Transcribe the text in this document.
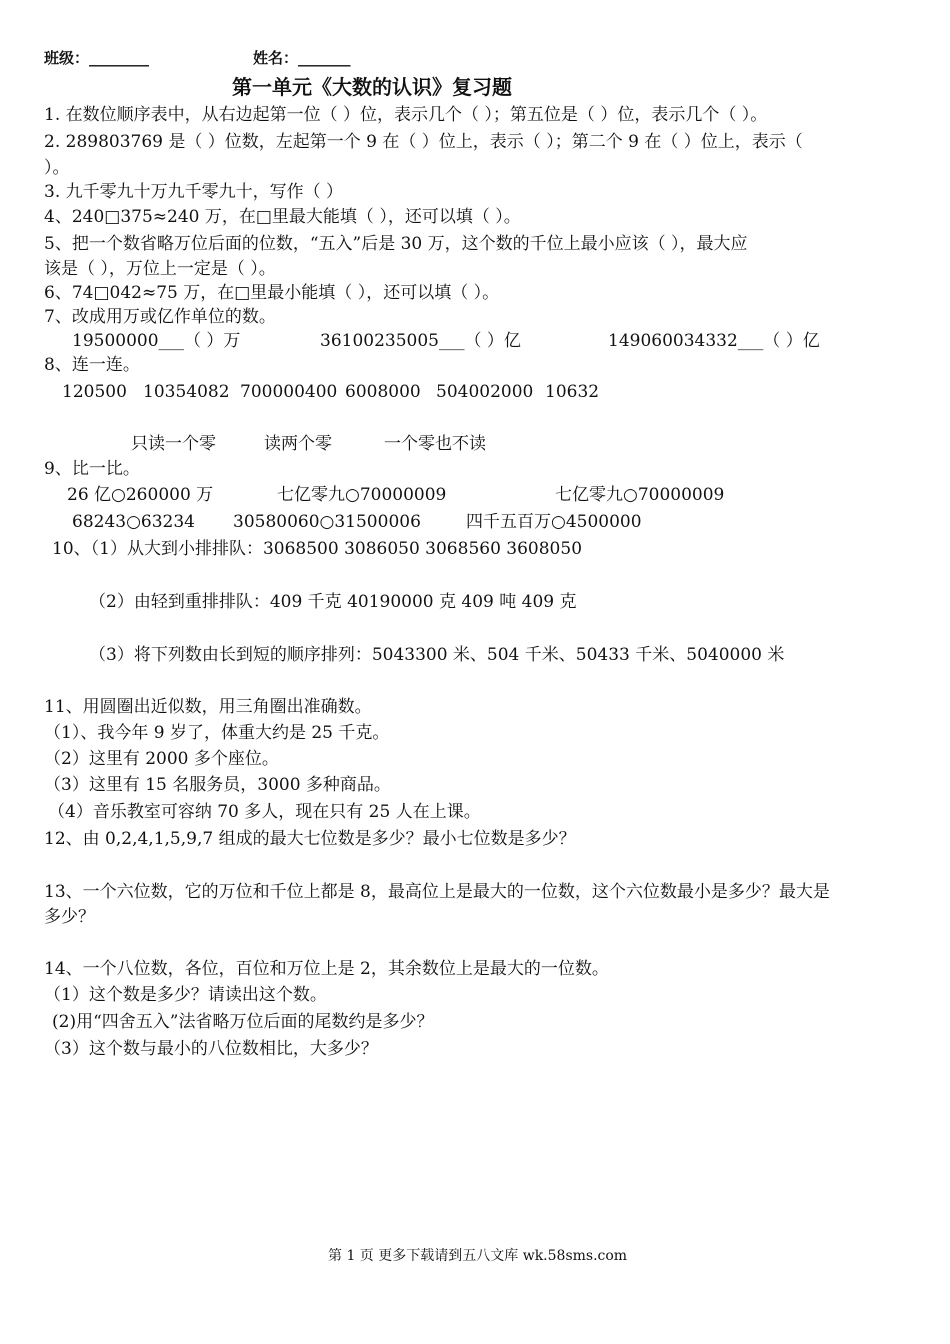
班级：________	姓名：_______
第一单元《大数的认识》复习题
1. 在数位顺序表中，从右边起第一位（ ）位，表示几个（ ）；第五位是（ ）位，表示几个（ ）。
2. 289803769 是（ ）位数，左起第一个 9 在（ ）位上，表示（ ）；第二个 9 在（ ）位上，表示（
）。
3. 九千零九十万九千零九十，写作（ ）
4、240□375≈240 万，在□里最大能填（ ），还可以填（ ）。
5、把一个数省略万位后面的位数，“五入”后是 30 万，这个数的千位上最小应该（ ），最大应
该是（ ），万位上一定是（ ）。
6、74□042≈75 万，在□里最小能填（ ），还可以填（ ）。
7、改成用万或亿作单位的数。
19500000___（ ）万	36100235005___（ ）亿	149060034332___（ ）亿
8、连一连。
120500 10354082 700000400 6008000 504002000 10632
只读一个零	读两个零	一个零也不读
9、比一比。
26 亿○260000 万	七亿零九○70000009	七亿零九○70000009
68243○63234 30580060○31500006	四千五百万○4500000
10、（1）从大到小排排队：3068500 3086050 3068560 3608050
（2）由轻到重排排队：409 千克 40190000 克 409 吨 409 克
（3）将下列数由长到短的顺序排列：5043300 米、504 千米、50433 千米、5040000 米
11、用圆圈出近似数，用三角圈出准确数。
（1）、我今年 9 岁了，体重大约是 25 千克。
（2）这里有 2000 多个座位。
（3）这里有 15 名服务员，3000 多种商品。
（4）音乐教室可容纳 70 多人，现在只有 25 人在上课。
12、由 0,2,4,1,5,9,7 组成的最大七位数是多少？最小七位数是多少？
13、一个六位数，它的万位和千位上都是 8，最高位上是最大的一位数，这个六位数最小是多少？最大是
多少？
14、一个八位数，各位，百位和万位上是 2，其余数位上是最大的一位数。
（1）这个数是多少？请读出这个数。
(2)用“四舍五入”法省略万位后面的尾数约是多少？
（3）这个数与最小的八位数相比，大多少？
第 1 页 更多下载请到五八文库 wk.58sms.com
